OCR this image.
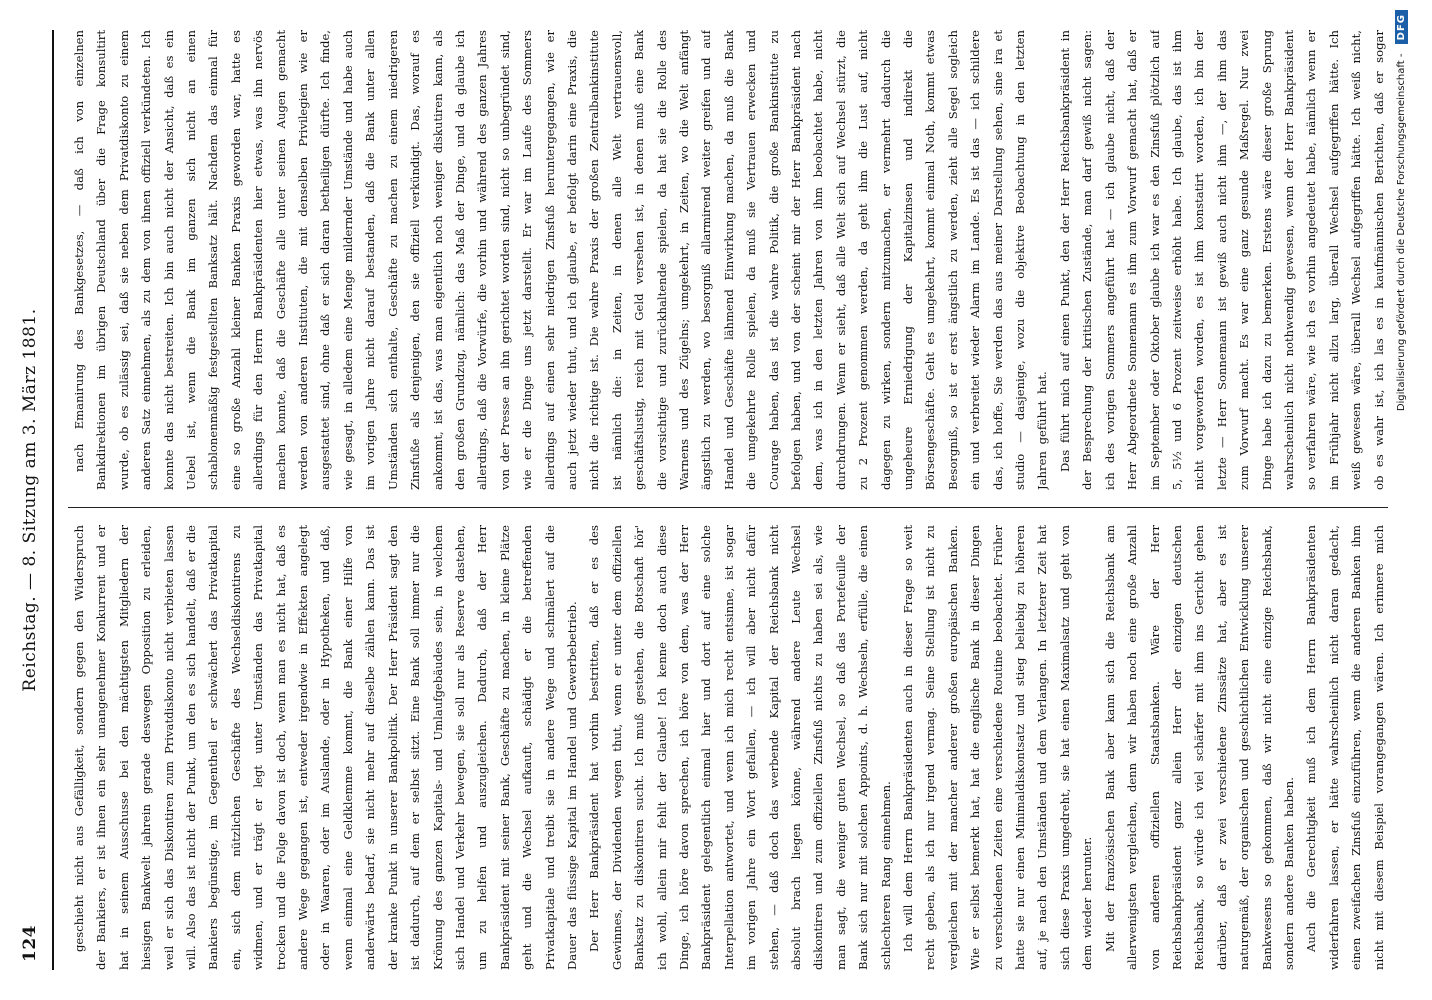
124
Reichstag. — 8. Sitzung am 3. März 1881.

geschieht nicht aus Gefälligkeit, sondern gegen den Widerspruch der Bankiers, er ist ihnen ein sehr unangenehmer Konkurrent und er hat in seinem Ausschusse bei den mächtigsten Mitgliedern der hiesigen Bankwelt jahrein gerade deswegen Opposition zu erleiden, weil er sich das Diskontiren zum Privatdiskonto nicht verbieten lassen will. Also das ist nicht der Punkt, um den es sich handelt, daß er die Bankiers begünstige, im Gegentheil er schwächert das Privatkapital ein, sich dem nützlichen Geschäfte des Wechseldiskontirens zu widmen, und er trägt er legt unter Umständen das Privatkapital trocken und die Folge davon ist doch, wenn man es nicht hat, daß es andere Wege gegangen ist, entweder irgendwie in Effekten angelegt oder in Waaren, oder im Auslande, oder in Hypotheken, und daß, wenn einmal eine Geldklemme kommt, die Bank einer Hilfe von anderwärts bedarf, sie nicht mehr auf dieselbe zählen kann. Das ist der kranke Punkt in unserer Bankpolitik. Der Herr Präsident sagt den ist dadurch, auf dem er selbst sitzt. Eine Bank soll immer nur die Krönung des ganzen Kapitals- und Umlaufgebäudes sein, in welchem sich Handel und Verkehr bewegen, sie soll nur als Reserve dastehen, um zu helfen und auszugleichen. Dadurch, daß der Herr Bankpräsident mit seiner Bank, Geschäfte zu machen, in kleine Plätze geht und die Wechsel aufkauft, schädigt er die betreffenden Privatkapitale und treibt sie in andere Wege und schmälert auf die Dauer das flüssige Kapital im Handel und Gewerbebetrieb. Der Herr Bankpräsident hat vorhin bestritten, daß er es des Gewinnes, der Dividenden wegen thut, wenn er unter dem offiziellen Banksatz zu diskontiren sucht. Ich muß gestehen, die Botschaft hör' ich wohl, allein mir fehlt der Glaube! Ich kenne doch auch diese Dinge, ich höre davon sprechen, ich höre von dem, was der Herr Bankpräsident gelegentlich einmal hier und dort auf eine solche Interpellation antwortet, und wenn ich mich recht entsinne, ist sogar im vorigen Jahre ein Wort gefallen, — ich will aber nicht dafür stehen, — daß doch das werbende Kapital der Reichsbank nicht absolut brach liegen könne, während andere Leute Wechsel diskontiren und zum offiziellen Zinsfuß nichts zu haben sei als, wie man sagt, die weniger guten Wechsel, so daß das Portefeuille der Bank sich nur mit solchen Appoints, d. h. Wechseln, erfülle, die einen schlechteren Rang einnehmen. Ich will dem Herrn Bankpräsidenten auch in dieser Frage so weit recht geben, als ich nur irgend vermag. Seine Stellung ist nicht zu vergleichen mit der mancher anderer großen europäischen Banken. Wie er selbst bemerkt hat, hat die englische Bank in dieser Dingen zu verschiedenen Zeiten eine verschiedene Routine beobachtet. Früher hatte sie nur einen Minimaldiskontsatz und stieg beliebig zu höheren auf, je nach den Umständen und dem Verlangen. In letzterer Zeit hat sich diese Praxis umgedreht, sie hat einen Maximalsatz und geht von dem wieder herunter. Mit der französischen Bank aber kann sich die Reichsbank am allerwenigsten vergleichen, denn wir haben noch eine große Anzahl von anderen offiziellen Staatsbanken. Wäre der Herr Reichsbankpräsident ganz allein Herr der einzigen deutschen Reichsbank, so würde ich viel schärfer mit ihm ins Gericht gehen darüber, daß er zwei verschiedene Zinssätze hat, aber es ist naturgemäß, der organischen und geschichtlichen Entwicklung unserer Bankwesens so gekommen, daß wir nicht eine einzige Reichsbank, sondern andere Banken haben. Auch die Gerechtigkeit muß ich dem Herrn Bankpräsidenten widerfahren lassen, er hätte wahrscheinlich nicht daran gedacht, einen zweifachen Zinsfuß einzuführen, wenn die anderen Banken ihm nicht mit diesem Beispiel vorangegangen wären. Ich erinnere mich

nach Emanirung des Bankgesetzes, — daß ich von einzelnen Bankdirektionen im übrigen Deutschland über die Frage konsultirt wurde, ob es zulässig sei, daß sie neben dem Privatdiskonto zu einem anderen Satz einnehmen, als zu dem von ihnen offiziell verkündeten. Ich konnte das nicht bestreiten. Ich bin auch nicht der Ansicht, daß es ein Uebel ist, wenn die Bank im ganzen sich nicht an einen schablonenmäßig festgestellten Banksatz hält. Nachdem das einmal für eine so große Anzahl kleiner Banken Praxis geworden war, hatte es allerdings für den Herrn Bankpräsidenten hier etwas, was ihn nervös machen konnte, daß die Geschäfte alle unter seinen Augen gemacht werden von anderen Instituten, die mit denselben Privilegien wie er ausgestattet sind, ohne daß er sich daran betheiligen dürfte. Ich finde, wie gesagt, in alledem eine Menge mildernder Umstände und habe auch im vorigen Jahre nicht darauf bestanden, daß die Bank unter allen Umständen sich enthalte, Geschäfte zu machen zu einem niedrigeren Zinsfuße als denjenigen, den sie offiziell verkündigt. Das, worauf es ankommt, ist das, was man eigentlich noch weniger diskutiren kann, als den großen Grundzug, nämlich: das Maß der Dinge, und da glaube ich allerdings, daß die Vorwürfe, die vorhin und während des ganzen Jahres von der Presse an ihn gerichtet worden sind, nicht so unbegründet sind, wie er die Dinge uns jetzt darstellt. Er war im Laufe des Sommers allerdings auf einen sehr niedrigen Zinsfuß heruntergegangen, wie er auch jetzt wieder thut, und ich glaube, er befolgt darin eine Praxis, die nicht die richtige ist. Die wahre Praxis der großen Zentralbankinstitute ist nämlich die: in Zeiten, in denen alle Welt vertrauensvoll, geschäftslustig, reich mit Geld versehen ist, in denen muß eine Bank die vorsichtige und zurückhaltende spielen, da hat sie die Rolle des Warnens und des Zügelns; umgekehrt, in Zeiten, wo die Welt anfängt ängstlich zu werden, wo besorgniß allarmirend weiter greifen und auf Handel und Geschäfte lähmend Einwirkung machen, da muß die Bank die umgekehrte Rolle spielen, da muß sie Vertrauen erwecken und Courage haben, das ist die wahre Politik, die große Bankinstitute zu befolgen haben, und von der scheint mir der Herr Bankpräsident nach dem, was ich in den letzten Jahren von ihm beobachtet habe, nicht durchdrungen. Wenn er sieht, daß alle Welt sich auf Wechsel stürzt, die zu 2 Prozent genommen werden, da geht ihm die Lust auf, nicht dagegen zu wirken, sondern mitzumachen, er vermehrt dadurch die ungeheure Erniedrigung der Kapitalzinsen und indirekt die Börsengeschäfte. Geht es umgekehrt, kommt einmal Noth, kommt etwas Besorgniß, so ist er erst ängstlich zu werden, zieht alle Segel sogleich ein und verbreitet wieder Alarm im Lande. Es ist das — ich schildere das, ich hoffe, Sie werden das aus meiner Darstellung sehen, sine ira et studio — dasjenige, wozu die objektive Beobachtung in den letzten Jahren geführt hat. Das führt mich auf einen Punkt, den der Herr Reichsbankpräsident in der Besprechung der kritischen Zustände, man darf gewiß nicht sagen: ich des vorigen Sommers angeführt hat — ich glaube nicht, daß der Herr Abgeordnete Sonnemann es ihm zum Vorwurf gemacht hat, daß er im September oder Oktober glaube ich war es den Zinsfuß plötzlich auf 5, 5½ und 6 Prozent zeitweise erhöht habe. Ich glaube, das ist ihm nicht vorgeworfen worden, es ist ihm konstatirt worden, ich bin der letzte — Herr Sonnemann ist gewiß auch nicht ihm —, der ihm das zum Vorwurf macht. Es war eine ganz gesunde Maßregel. Nur zwei Dinge habe ich dazu zu bemerken. Erstens wäre dieser große Sprung wahrscheinlich nicht nothwendig gewesen, wenn der Herr Bankpräsident so verfahren wäre, wie ich es vorhin angedeutet habe, nämlich wenn er im Frühjahr nicht allzu larg, überall Wechsel aufgegriffen hätte. Ich weiß gewesen wäre, überall Wechsel aufgegriffen hätte. Ich weiß nicht, ob es wahr ist, ich las es in kaufmännischen Berichten, daß er sogar

Digitalisierung gefördert durch die Deutsche Forschungsgemeinschaft - DFG
